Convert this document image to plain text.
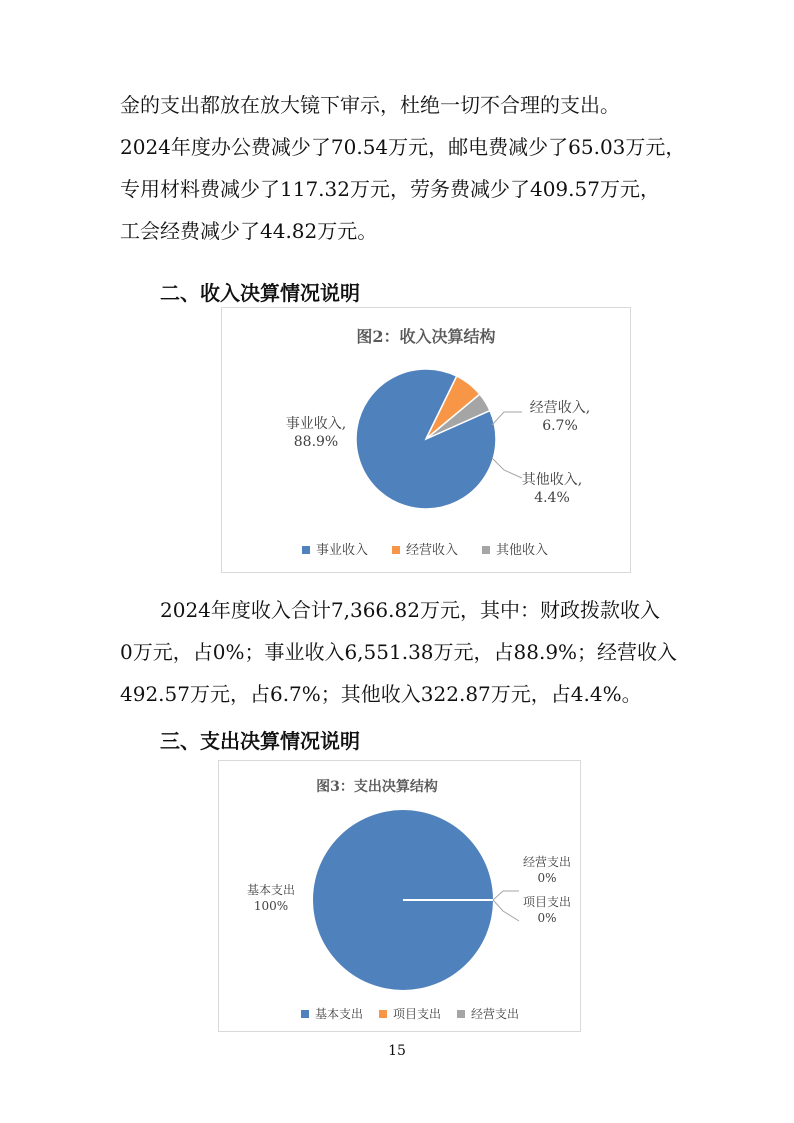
金的支出都放在放大镜下审示，杜绝一切不合理的支出。

2024年度办公费减少了70.54万元，邮电费减少了65.03万元，

专用材料费减少了117.32万元，劳务费减少了409.57万元，

工会经费减少了44.82万元。

二、收入决算情况说明
图2：收入决算结构
事业收入,
88.9%
经营收入,
6.7%
其他收入,
4.4%
事业收入	经营收入	其他收入

2024年度收入合计7,366.82万元，其中：财政拨款收入

0万元，占0%；事业收入6,551.38万元，占88.9%；经营收入

492.57万元，占6.7%；其他收入322.87万元，占4.4%。

三、支出决算情况说明
图3：支出决算结构
基本支出
100%	项目支出
0%
经营支出
0%
基本支出 项目支出 经营支出
15
